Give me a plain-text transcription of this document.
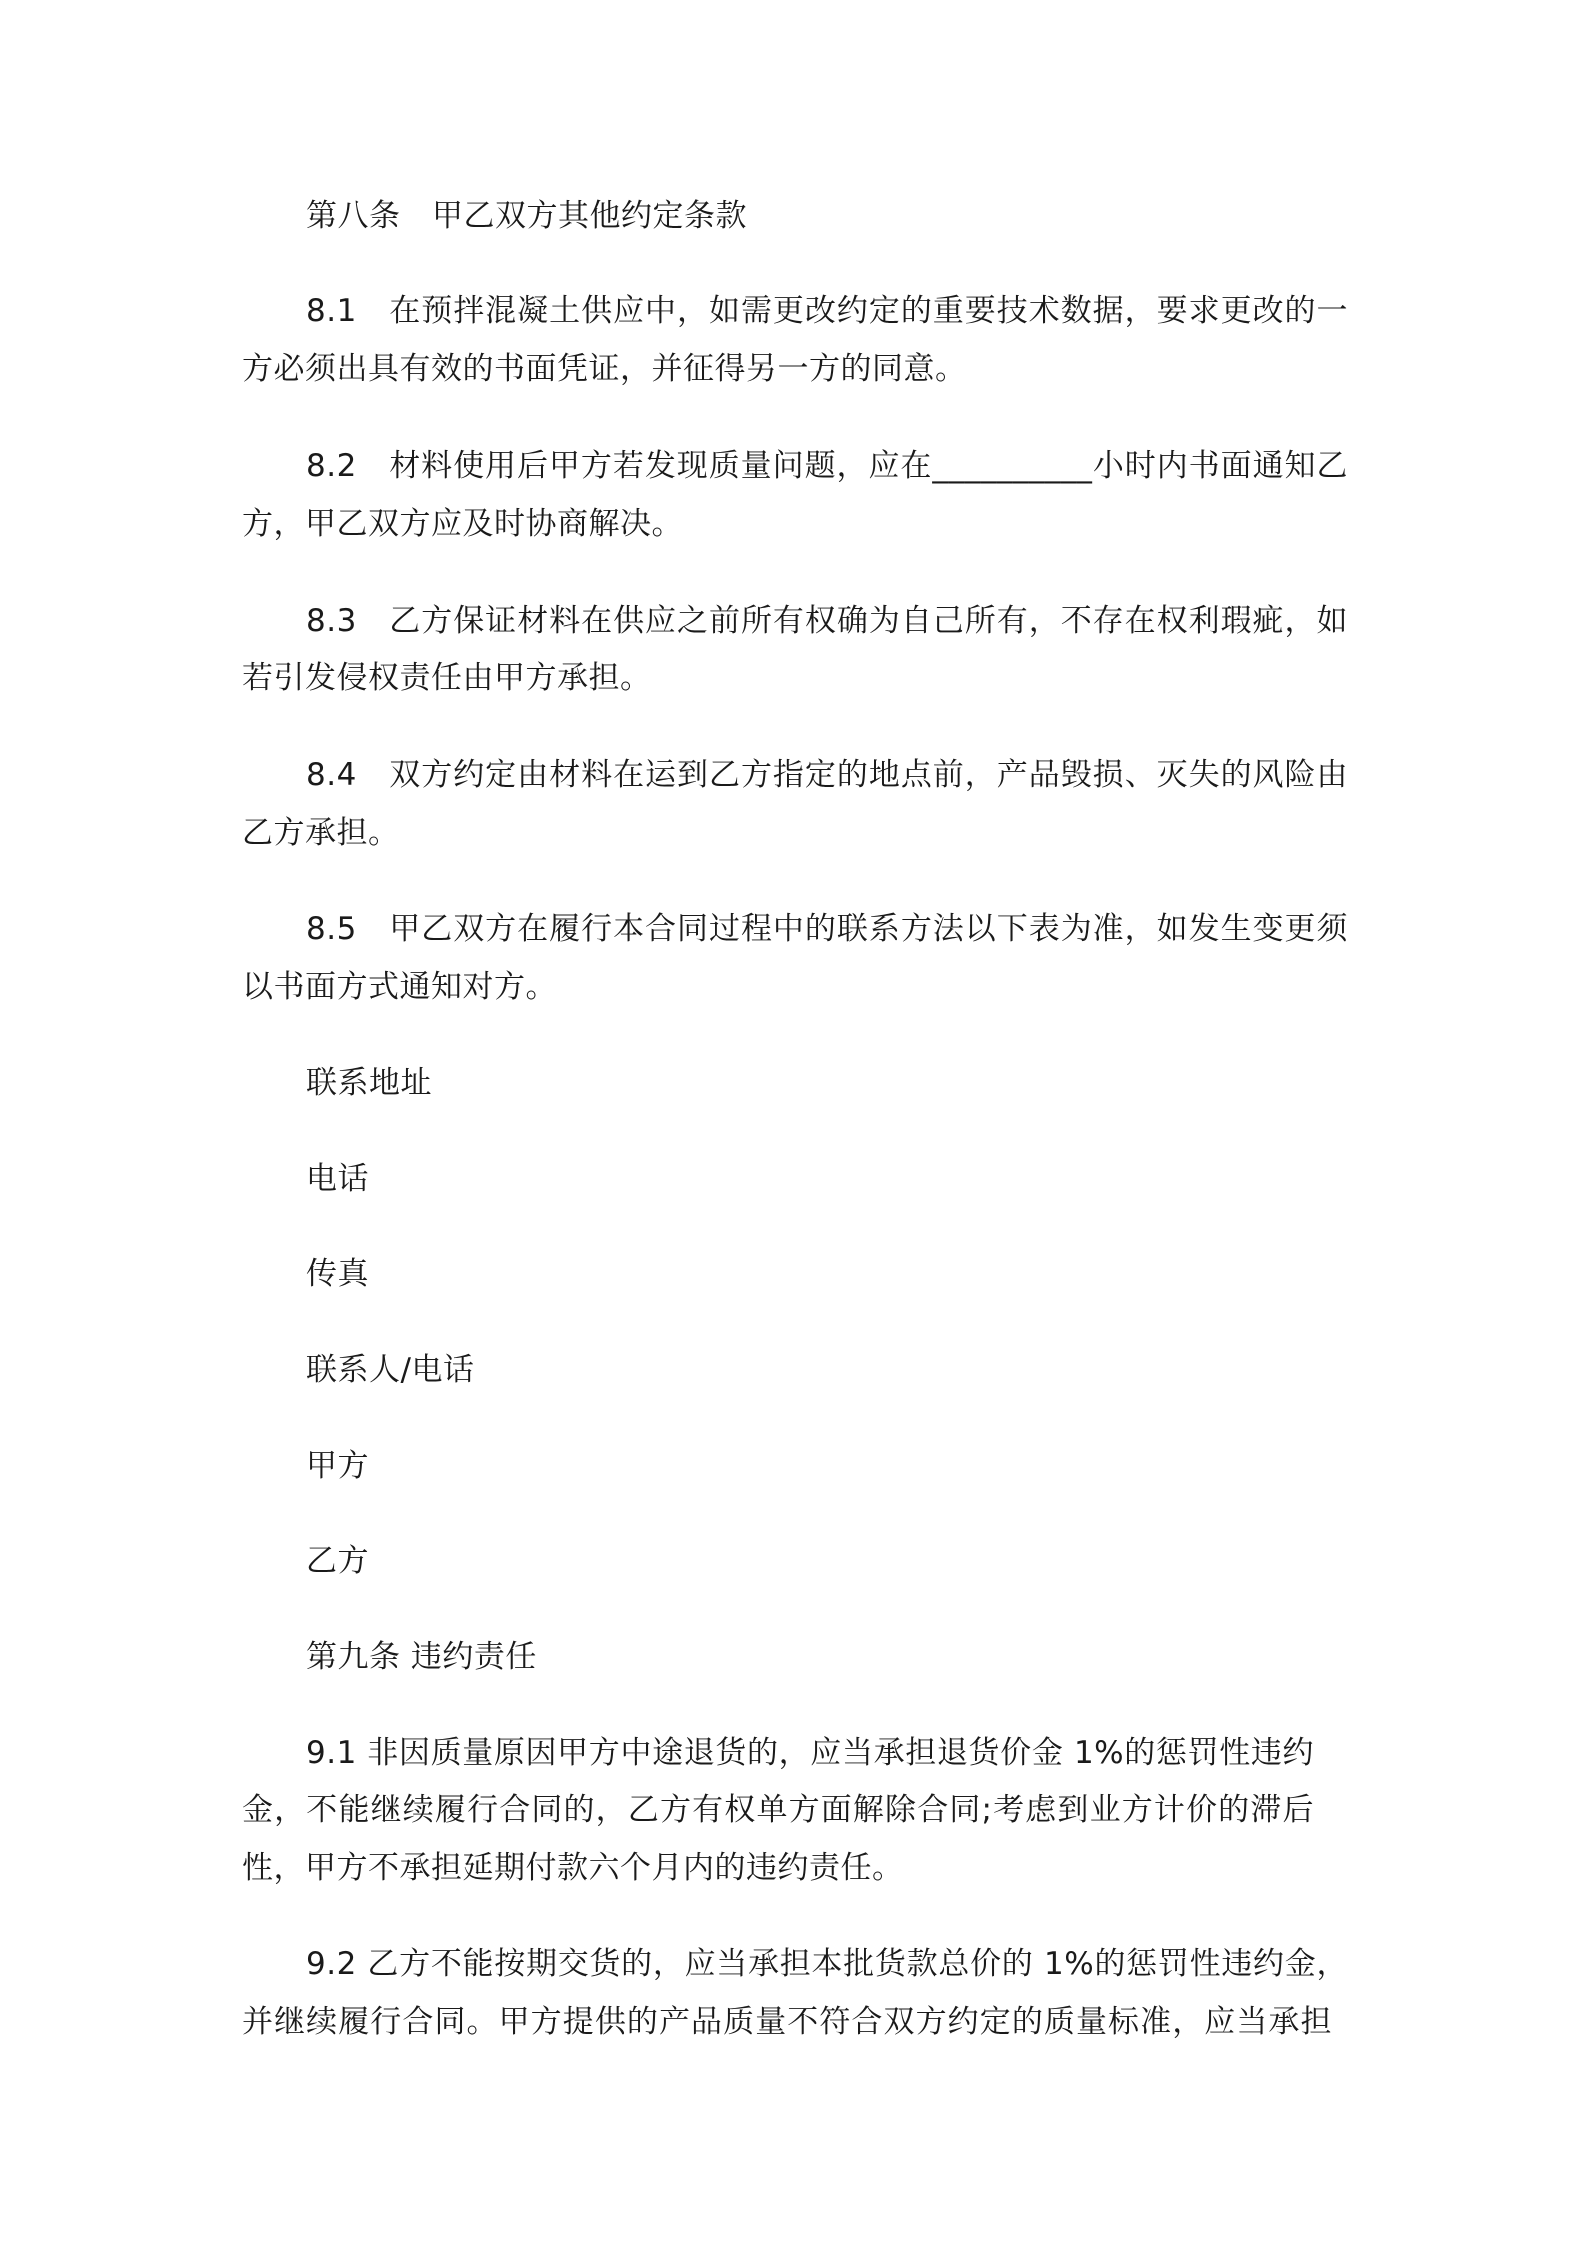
第八条　甲乙双方其他约定条款
8.1　在预拌混凝土供应中，如需更改约定的重要技术数据，要求更改的一
方必须出具有效的书面凭证，并征得另一方的同意。
8.2　材料使用后甲方若发现质量问题，应在__________小时内书面通知乙
方，甲乙双方应及时协商解决。
8.3　乙方保证材料在供应之前所有权确为自己所有，不存在权利瑕疵，如
若引发侵权责任由甲方承担。
8.4　双方约定由材料在运到乙方指定的地点前，产品毁损、灭失的风险由
乙方承担。
8.5　甲乙双方在履行本合同过程中的联系方法以下表为准，如发生变更须
以书面方式通知对方。
联系地址
电话
传真
联系人/电话
甲方
乙方
第九条 违约责任
9.1 非因质量原因甲方中途退货的，应当承担退货价金 1%的惩罚性违约
金，不能继续履行合同的，乙方有权单方面解除合同;考虑到业方计价的滞后
性，甲方不承担延期付款六个月内的违约责任。
9.2 乙方不能按期交货的，应当承担本批货款总价的 1%的惩罚性违约金，
并继续履行合同。甲方提供的产品质量不符合双方约定的质量标准，应当承担
